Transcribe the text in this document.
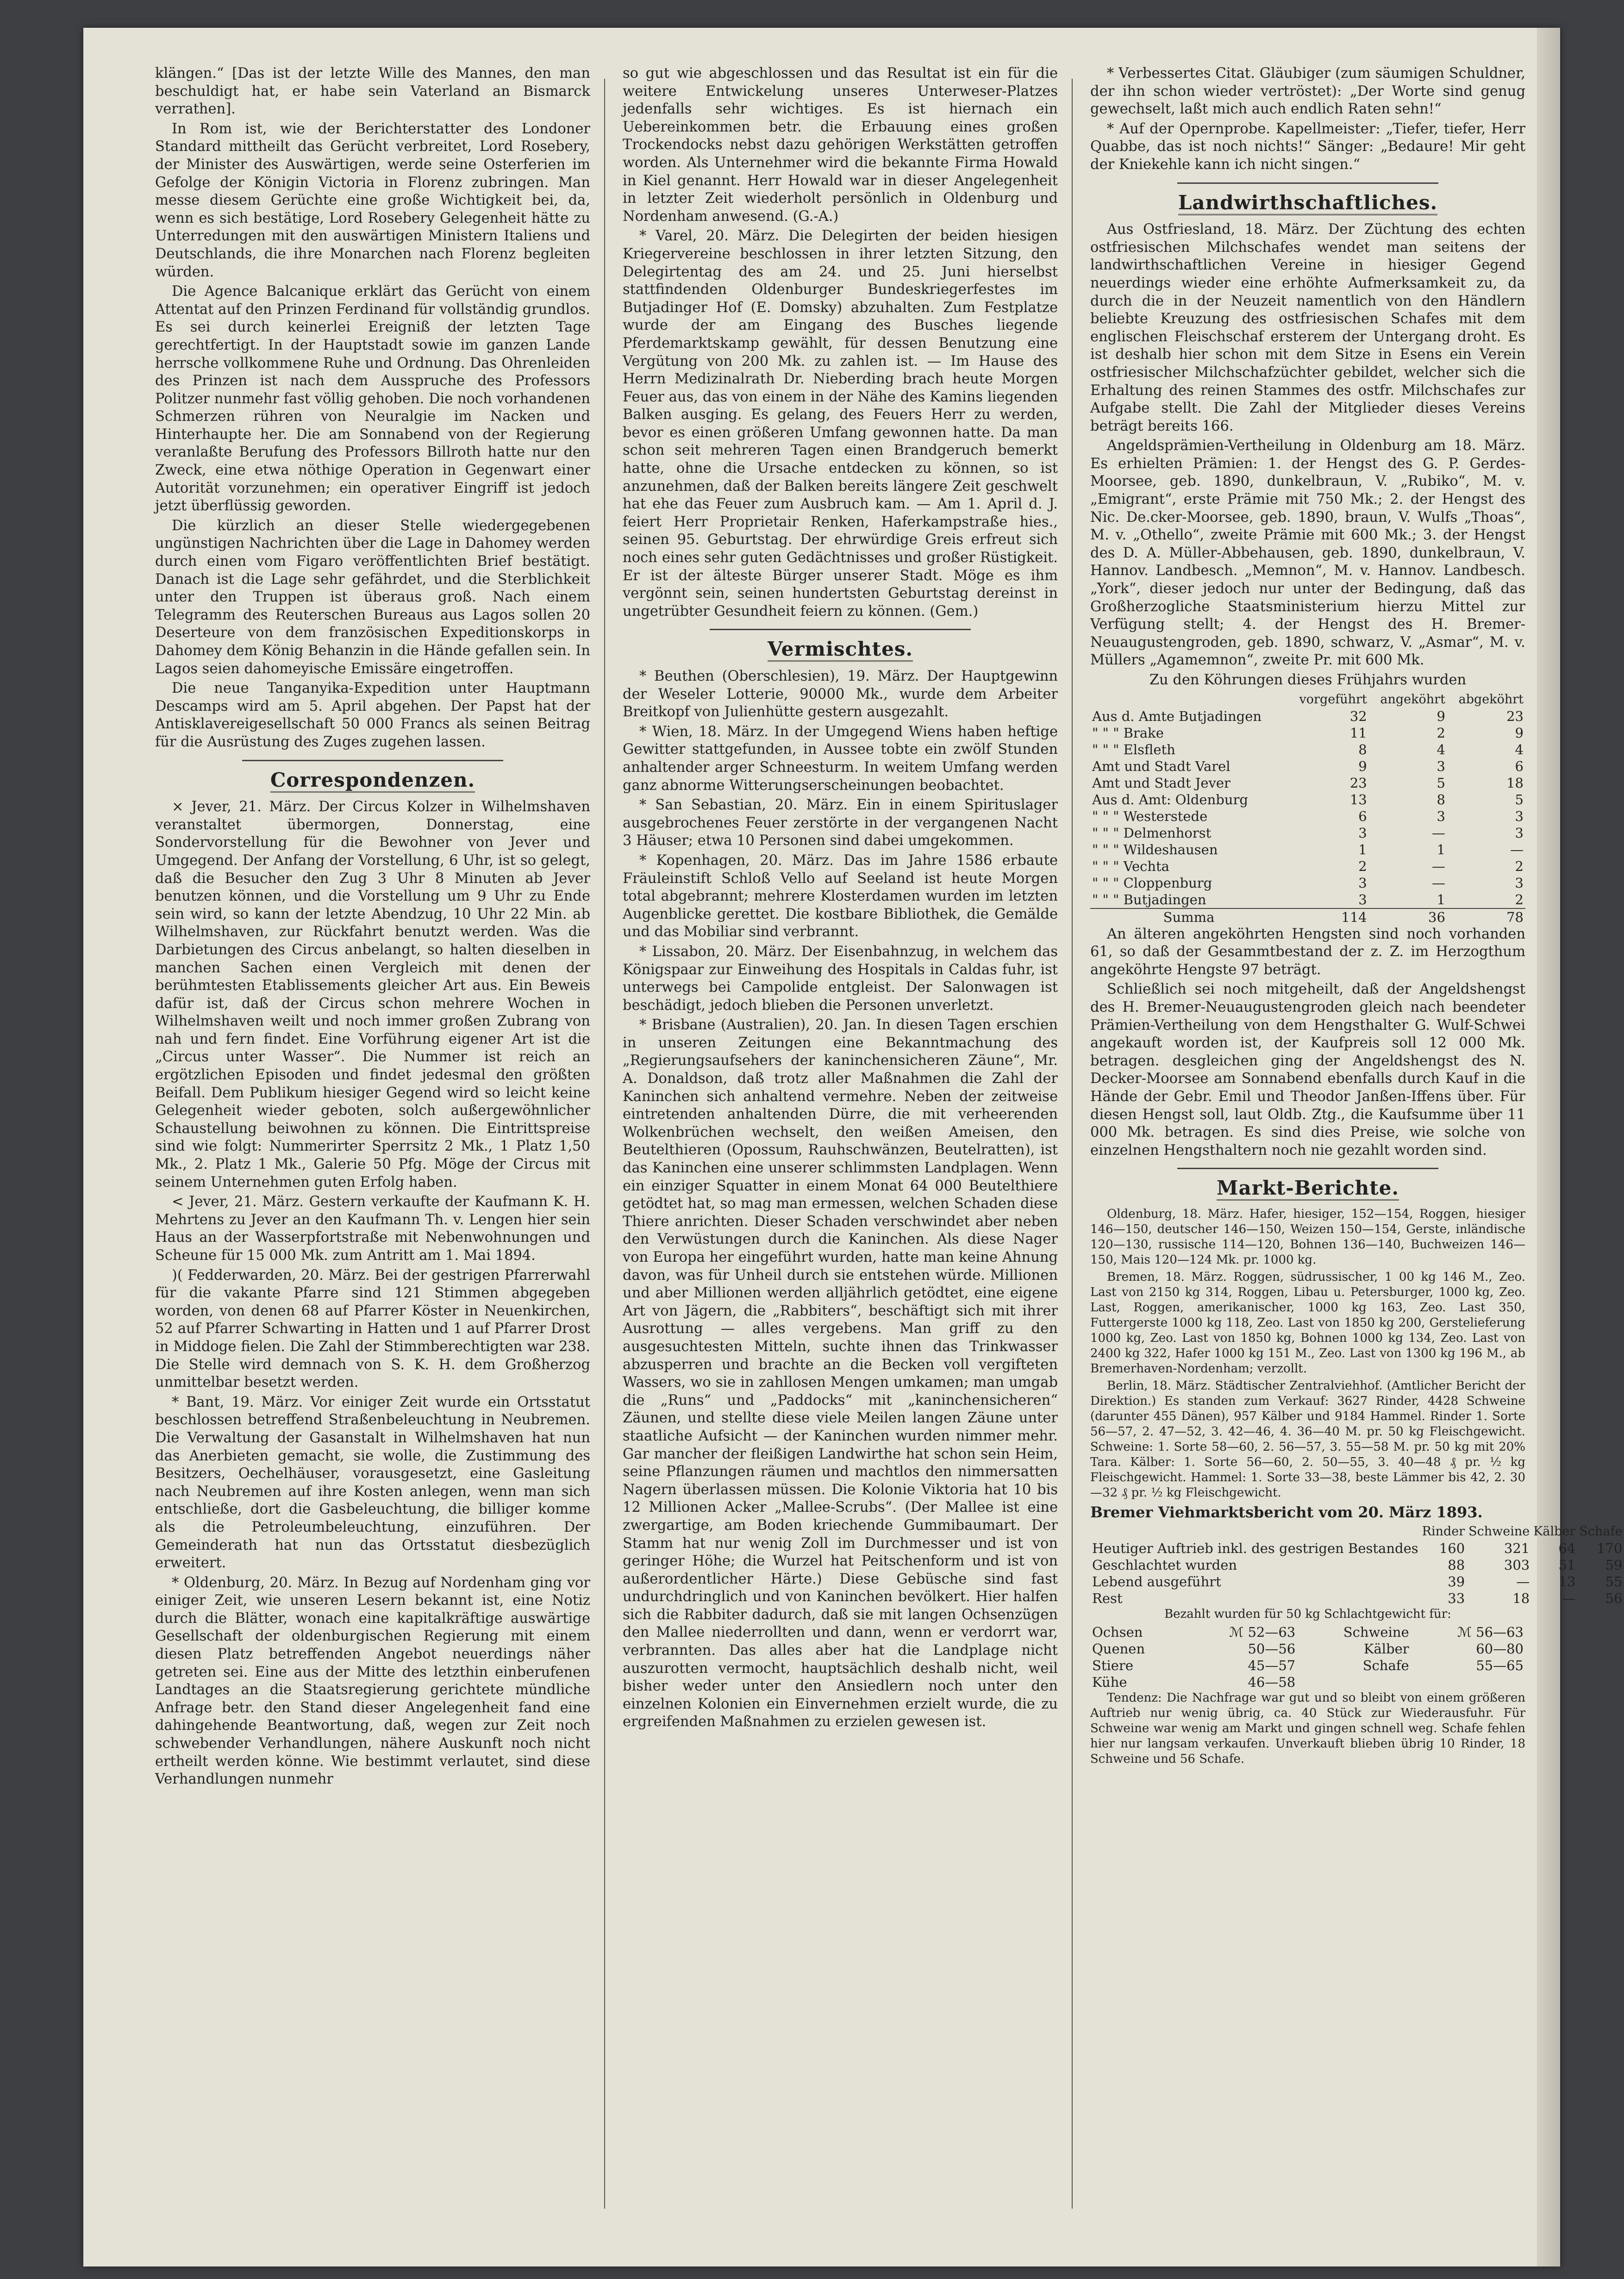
klängen.“ [Das ist der letzte Wille des Mannes, den man beschuldigt hat, er habe sein Vaterland an Bismarck verrathen].

In Rom ist, wie der Berichterstatter des Londoner Standard mittheilt das Gerücht verbreitet, Lord Rosebery, der Minister des Auswärtigen, werde seine Osterferien im Gefolge der Königin Victoria in Florenz zubringen. Man messe diesem Gerüchte eine große Wichtigkeit bei, da, wenn es sich bestätige, Lord Rosebery Gelegenheit hätte zu Unterredungen mit den auswärtigen Ministern Italiens und Deutschlands, die ihre Monarchen nach Florenz begleiten würden.

Die Agence Balcanique erklärt das Gerücht von einem Attentat auf den Prinzen Ferdinand für vollständig grundlos. Es sei durch keinerlei Ereigniß der letzten Tage gerechtfertigt. In der Hauptstadt sowie im ganzen Lande herrsche vollkommene Ruhe und Ordnung. Das Ohrenleiden des Prinzen ist nach dem Ausspruche des Professors Politzer nunmehr fast völlig gehoben. Die noch vorhandenen Schmerzen rühren von Neuralgie im Nacken und Hinterhaupte her. Die am Sonnabend von der Regierung veranlaßte Berufung des Professors Billroth hatte nur den Zweck, eine etwa nöthige Operation in Gegenwart einer Autorität vorzunehmen; ein operativer Eingriff ist jedoch jetzt überflüssig geworden.

Die kürzlich an dieser Stelle wiedergegebenen ungünstigen Nachrichten über die Lage in Dahomey werden durch einen vom Figaro veröffentlichten Brief bestätigt. Danach ist die Lage sehr gefährdet, und die Sterblichkeit unter den Truppen ist überaus groß. Nach einem Telegramm des Reuterschen Bureaus aus Lagos sollen 20 Deserteure von dem französischen Expeditionskorps in Dahomey dem König Behanzin in die Hände gefallen sein. In Lagos seien dahomeyische Emissäre eingetroffen.

Die neue Tanganyika-Expedition unter Hauptmann Descamps wird am 5. April abgehen. Der Papst hat der Antisklavereigesellschaft 50 000 Francs als seinen Beitrag für die Ausrüstung des Zuges zugehen lassen.

Correspondenzen.

× Jever, 21. März. Der Circus Kolzer in Wilhelmshaven veranstaltet übermorgen, Donnerstag, eine Sondervorstellung für die Bewohner von Jever und Umgegend. Der Anfang der Vorstellung, 6 Uhr, ist so gelegt, daß die Besucher den Zug 3 Uhr 8 Minuten ab Jever benutzen können, und die Vorstellung um 9 Uhr zu Ende sein wird, so kann der letzte Abendzug, 10 Uhr 22 Min. ab Wilhelmshaven, zur Rückfahrt benutzt werden. Was die Darbietungen des Circus anbelangt, so halten dieselben in manchen Sachen einen Vergleich mit denen der berühmtesten Etablissements gleicher Art aus. Ein Beweis dafür ist, daß der Circus schon mehrere Wochen in Wilhelmshaven weilt und noch immer großen Zubrang von nah und fern findet. Eine Vorführung eigener Art ist die „Circus unter Wasser“. Die Nummer ist reich an ergötzlichen Episoden und findet jedesmal den größten Beifall. Dem Publikum hiesiger Gegend wird so leicht keine Gelegenheit wieder geboten, solch außergewöhnlicher Schaustellung beiwohnen zu können. Die Eintrittspreise sind wie folgt: Nummerirter Sperrsitz 2 Mk., 1 Platz 1,50 Mk., 2. Platz 1 Mk., Galerie 50 Pfg. Möge der Circus mit seinem Unternehmen guten Erfolg haben.

< Jever, 21. März. Gestern verkaufte der Kaufmann K. H. Mehrtens zu Jever an den Kaufmann Th. v. Lengen hier sein Haus an der Wasserpfortstraße mit Nebenwohnungen und Scheune für 15 000 Mk. zum Antritt am 1. Mai 1894.

)( Fedderwarden, 20. März. Bei der gestrigen Pfarrerwahl für die vakante Pfarre sind 121 Stimmen abgegeben worden, von denen 68 auf Pfarrer Köster in Neuenkirchen, 52 auf Pfarrer Schwarting in Hatten und 1 auf Pfarrer Drost in Middoge fielen. Die Zahl der Stimmberechtigten war 238. Die Stelle wird demnach von S. K. H. dem Großherzog unmittelbar besetzt werden.

* Bant, 19. März. Vor einiger Zeit wurde ein Ortsstatut beschlossen betreffend Straßenbeleuchtung in Neubremen. Die Verwaltung der Gasanstalt in Wilhelmshaven hat nun das Anerbieten gemacht, sie wolle, die Zustimmung des Besitzers, Oechelhäuser, vorausgesetzt, eine Gasleitung nach Neubremen auf ihre Kosten anlegen, wenn man sich entschließe, dort die Gasbeleuchtung, die billiger komme als die Petroleumbeleuchtung, einzuführen. Der Gemeinderath hat nun das Ortsstatut diesbezüglich erweitert.

* Oldenburg, 20. März. In Bezug auf Nordenham ging vor einiger Zeit, wie unseren Lesern bekannt ist, eine Notiz durch die Blätter, wonach eine kapitalkräftige auswärtige Gesellschaft der oldenburgischen Regierung mit einem diesen Platz betreffenden Angebot neuerdings näher getreten sei. Eine aus der Mitte des letzthin einberufenen Landtages an die Staatsregierung gerichtete mündliche Anfrage betr. den Stand dieser Angelegenheit fand eine dahingehende Beantwortung, daß, wegen zur Zeit noch schwebender Verhandlungen, nähere Auskunft noch nicht ertheilt werden könne. Wie bestimmt verlautet, sind diese Verhandlungen nunmehr

so gut wie abgeschlossen und das Resultat ist ein für die weitere Entwickelung unseres Unterweser-Platzes jedenfalls sehr wichtiges. Es ist hiernach ein Uebereinkommen betr. die Erbauung eines großen Trockendocks nebst dazu gehörigen Werkstätten getroffen worden. Als Unternehmer wird die bekannte Firma Howald in Kiel genannt. Herr Howald war in dieser Angelegenheit in letzter Zeit wiederholt persönlich in Oldenburg und Nordenham anwesend. (G.-A.)

* Varel, 20. März. Die Delegirten der beiden hiesigen Kriegervereine beschlossen in ihrer letzten Sitzung, den Delegirtentag des am 24. und 25. Juni hierselbst stattfindenden Oldenburger Bundeskriegerfestes im Butjadinger Hof (E. Domsky) abzuhalten. Zum Festplatze wurde der am Eingang des Busches liegende Pferdemarktskamp gewählt, für dessen Benutzung eine Vergütung von 200 Mk. zu zahlen ist. — Im Hause des Herrn Medizinalrath Dr. Nieberding brach heute Morgen Feuer aus, das von einem in der Nähe des Kamins liegenden Balken ausging. Es gelang, des Feuers Herr zu werden, bevor es einen größeren Umfang gewonnen hatte. Da man schon seit mehreren Tagen einen Brandgeruch bemerkt hatte, ohne die Ursache entdecken zu können, so ist anzunehmen, daß der Balken bereits längere Zeit geschwelt hat ehe das Feuer zum Ausbruch kam. — Am 1. April d. J. feiert Herr Proprietair Renken, Haferkampstraße hies., seinen 95. Geburtstag. Der ehrwürdige Greis erfreut sich noch eines sehr guten Gedächtnisses und großer Rüstigkeit. Er ist der älteste Bürger unserer Stadt. Möge es ihm vergönnt sein, seinen hundertsten Geburtstag dereinst in ungetrübter Gesundheit feiern zu können. (Gem.)

Vermischtes.

* Beuthen (Oberschlesien), 19. März. Der Hauptgewinn der Weseler Lotterie, 90000 Mk., wurde dem Arbeiter Breitkopf von Julienhütte gestern ausgezahlt.

* Wien, 18. März. In der Umgegend Wiens haben heftige Gewitter stattgefunden, in Aussee tobte ein zwölf Stunden anhaltender arger Schneesturm. In weitem Umfang werden ganz abnorme Witterungserscheinungen beobachtet.

* San Sebastian, 20. März. Ein in einem Spirituslager ausgebrochenes Feuer zerstörte in der vergangenen Nacht 3 Häuser; etwa 10 Personen sind dabei umgekommen.

* Kopenhagen, 20. März. Das im Jahre 1586 erbaute Fräuleinstift Schloß Vello auf Seeland ist heute Morgen total abgebrannt; mehrere Klosterdamen wurden im letzten Augenblicke gerettet. Die kostbare Bibliothek, die Gemälde und das Mobiliar sind verbrannt.

* Lissabon, 20. März. Der Eisenbahnzug, in welchem das Königspaar zur Einweihung des Hospitals in Caldas fuhr, ist unterwegs bei Campolide entgleist. Der Salonwagen ist beschädigt, jedoch blieben die Personen unverletzt.

* Brisbane (Australien), 20. Jan. In diesen Tagen erschien in unseren Zeitungen eine Bekanntmachung des „Regierungsaufsehers der kaninchensicheren Zäune“, Mr. A. Donaldson, daß trotz aller Maßnahmen die Zahl der Kaninchen sich anhaltend vermehre. Neben der zeitweise eintretenden anhaltenden Dürre, die mit verheerenden Wolkenbrüchen wechselt, den weißen Ameisen, den Beutelthieren (Opossum, Rauhschwänzen, Beutelratten), ist das Kaninchen eine unserer schlimmsten Landplagen. Wenn ein einziger Squatter in einem Monat 64 000 Beutelthiere getödtet hat, so mag man ermessen, welchen Schaden diese Thiere anrichten. Dieser Schaden verschwindet aber neben den Verwüstungen durch die Kaninchen. Als diese Nager von Europa her eingeführt wurden, hatte man keine Ahnung davon, was für Unheil durch sie entstehen würde. Millionen und aber Millionen werden alljährlich getödtet, eine eigene Art von Jägern, die „Rabbiters“, beschäftigt sich mit ihrer Ausrottung — alles vergebens. Man griff zu den ausgesuchtesten Mitteln, suchte ihnen das Trinkwasser abzusperren und brachte an die Becken voll vergifteten Wassers, wo sie in zahllosen Mengen umkamen; man umgab die „Runs“ und „Paddocks“ mit „kaninchensicheren“ Zäunen, und stellte diese viele Meilen langen Zäune unter staatliche Aufsicht — der Kaninchen wurden nimmer mehr. Gar mancher der fleißigen Landwirthe hat schon sein Heim, seine Pflanzungen räumen und machtlos den nimmersatten Nagern überlassen müssen. Die Kolonie Viktoria hat 10 bis 12 Millionen Acker „Mallee-Scrubs“. (Der Mallee ist eine zwergartige, am Boden kriechende Gummibaumart. Der Stamm hat nur wenig Zoll im Durchmesser und ist von geringer Höhe; die Wurzel hat Peitschenform und ist von außerordentlicher Härte.) Diese Gebüsche sind fast undurchdringlich und von Kaninchen bevölkert. Hier halfen sich die Rabbiter dadurch, daß sie mit langen Ochsenzügen den Mallee niederrollten und dann, wenn er verdorrt war, verbrannten. Das alles aber hat die Landplage nicht auszurotten vermocht, hauptsächlich deshalb nicht, weil bisher weder unter den Ansiedlern noch unter den einzelnen Kolonien ein Einvernehmen erzielt wurde, die zu ergreifenden Maßnahmen zu erzielen gewesen ist.

* Verbessertes Citat. Gläubiger (zum säumigen Schuldner, der ihn schon wieder vertröstet): „Der Worte sind genug gewechselt, laßt mich auch endlich Raten sehn!“

* Auf der Opernprobe. Kapellmeister: „Tiefer, tiefer, Herr Quabbe, das ist noch nichts!“ Sänger: „Bedaure! Mir geht der Kniekehle kann ich nicht singen.“

Landwirthschaftliches.

Aus Ostfriesland, 18. März. Der Züchtung des echten ostfriesischen Milchschafes wendet man seitens der landwirthschaftlichen Vereine in hiesiger Gegend neuerdings wieder eine erhöhte Aufmerksamkeit zu, da durch die in der Neuzeit namentlich von den Händlern beliebte Kreuzung des ostfriesischen Schafes mit dem englischen Fleischschaf ersterem der Untergang droht. Es ist deshalb hier schon mit dem Sitze in Esens ein Verein ostfriesischer Milchschafzüchter gebildet, welcher sich die Erhaltung des reinen Stammes des ostfr. Milchschafes zur Aufgabe stellt. Die Zahl der Mitglieder dieses Vereins beträgt bereits 166.

Angeldsprämien-Vertheilung in Oldenburg am 18. März. Es erhielten Prämien: 1. der Hengst des G. P. Gerdes-Moorsee, geb. 1890, dunkelbraun, V. „Rubiko“, M. v. „Emigrant“, erste Prämie mit 750 Mk.; 2. der Hengst des Nic. De.cker-Moorsee, geb. 1890, braun, V. Wulfs „Thoas“, M. v. „Othello“, zweite Prämie mit 600 Mk.; 3. der Hengst des D. A. Müller-Abbehausen, geb. 1890, dunkelbraun, V. Hannov. Landbesch. „Memnon“, M. v. Hannov. Landbesch. „York“, dieser jedoch nur unter der Bedingung, daß das Großherzogliche Staatsministerium hierzu Mittel zur Verfügung stellt; 4. der Hengst des H. Bremer-Neuaugustengroden, geb. 1890, schwarz, V. „Asmar“, M. v. Müllers „Agamemnon“, zweite Pr. mit 600 Mk.

Zu den Köhrungen dieses Frühjahrs wurden

	vorgeführt	angeköhrt	abgeköhrt
Aus d. Amte Butjadingen	32	9	23
" " " Brake	11	2	9
" " " Elsfleth	8	4	4
Amt und Stadt Varel	9	3	6
Amt und Stadt Jever	23	5	18
Aus d. Amt: Oldenburg	13	8	5
" " " Westerstede	6	3	3
" " " Delmenhorst	3	—	3
" " " Wildeshausen	1	1	—
" " " Vechta	2	—	2
" " " Cloppenburg	3	—	3
" " " Butjadingen	3	1	2
Summa	114	36	78

An älteren angeköhrten Hengsten sind noch vorhanden 61, so daß der Gesammtbestand der z. Z. im Herzogthum angeköhrte Hengste 97 beträgt.

Schließlich sei noch mitgeheilt, daß der Angeldshengst des H. Bremer-Neuaugustengroden gleich nach beendeter Prämien-Vertheilung von dem Hengsthalter G. Wulf-Schwei angekauft worden ist, der Kaufpreis soll 12 000 Mk. betragen. desgleichen ging der Angeldshengst des N. Decker-Moorsee am Sonnabend ebenfalls durch Kauf in die Hände der Gebr. Emil und Theodor Janßen-Iffens über. Für diesen Hengst soll, laut Oldb. Ztg., die Kaufsumme über 11 000 Mk. betragen. Es sind dies Preise, wie solche von einzelnen Hengsthaltern noch nie gezahlt worden sind.

Markt-Berichte.

Oldenburg, 18. März. Hafer, hiesiger, 152—154, Roggen, hiesiger 146—150, deutscher 146—150, Weizen 150—154, Gerste, inländische 120—130, russische 114—120, Bohnen 136—140, Buchweizen 146—150, Mais 120—124 Mk. pr. 1000 kg.

Bremen, 18. März. Roggen, südrussischer, 1 00 kg 146 M., Zeo. Last von 2150 kg 314, Roggen, Libau u. Petersburger, 1000 kg, Zeo. Last, Roggen, amerikanischer, 1000 kg 163, Zeo. Last 350, Futtergerste 1000 kg 118, Zeo. Last von 1850 kg 200, Gerstelieferung 1000 kg, Zeo. Last von 1850 kg, Bohnen 1000 kg 134, Zeo. Last von 2400 kg 322, Hafer 1000 kg 151 M., Zeo. Last von 1300 kg 196 M., ab Bremerhaven-Nordenham; verzollt.

Berlin, 18. März. Städtischer Zentralviehhof. (Amtlicher Bericht der Direktion.) Es standen zum Verkauf: 3627 Rinder, 4428 Schweine (darunter 455 Dänen), 957 Kälber und 9184 Hammel. Rinder 1. Sorte 56—57, 2. 47—52, 3. 42—46, 4. 36—40 M. pr. 50 kg Fleischgewicht. Schweine: 1. Sorte 58—60, 2. 56—57, 3. 55—58 M. pr. 50 kg mit 20% Tara. Kälber: 1. Sorte 56—60, 2. 50—55, 3. 40—48 ₰ pr. ½ kg Fleischgewicht. Hammel: 1. Sorte 33—38, beste Lämmer bis 42, 2. 30—32 ₰ pr. ½ kg Fleischgewicht.

Bremer Viehmarktsbericht vom 20. März 1893.

	Rinder	Schweine	Kälber	Schafe
Heutiger Auftrieb inkl. des gestrigen Bestandes	160	321	64	170
Geschlachtet wurden	88	303	51	59
Lebend ausgeführt	39	—	13	55
Rest	33	18	—	56

Bezahlt wurden für 50 kg Schlachtgewicht für:

Ochsen	ℳ 52—63	Schweine	ℳ 56—63
Quenen	50—56	Kälber	60—80
Stiere	45—57	Schafe	55—65
Kühe	46—58		

Tendenz: Die Nachfrage war gut und so bleibt von einem größeren Auftrieb nur wenig übrig, ca. 40 Stück zur Wiederausfuhr. Für Schweine war wenig am Markt und gingen schnell weg. Schafe fehlen hier nur langsam verkaufen. Unverkauft blieben übrig 10 Rinder, 18 Schweine und 56 Schafe.
